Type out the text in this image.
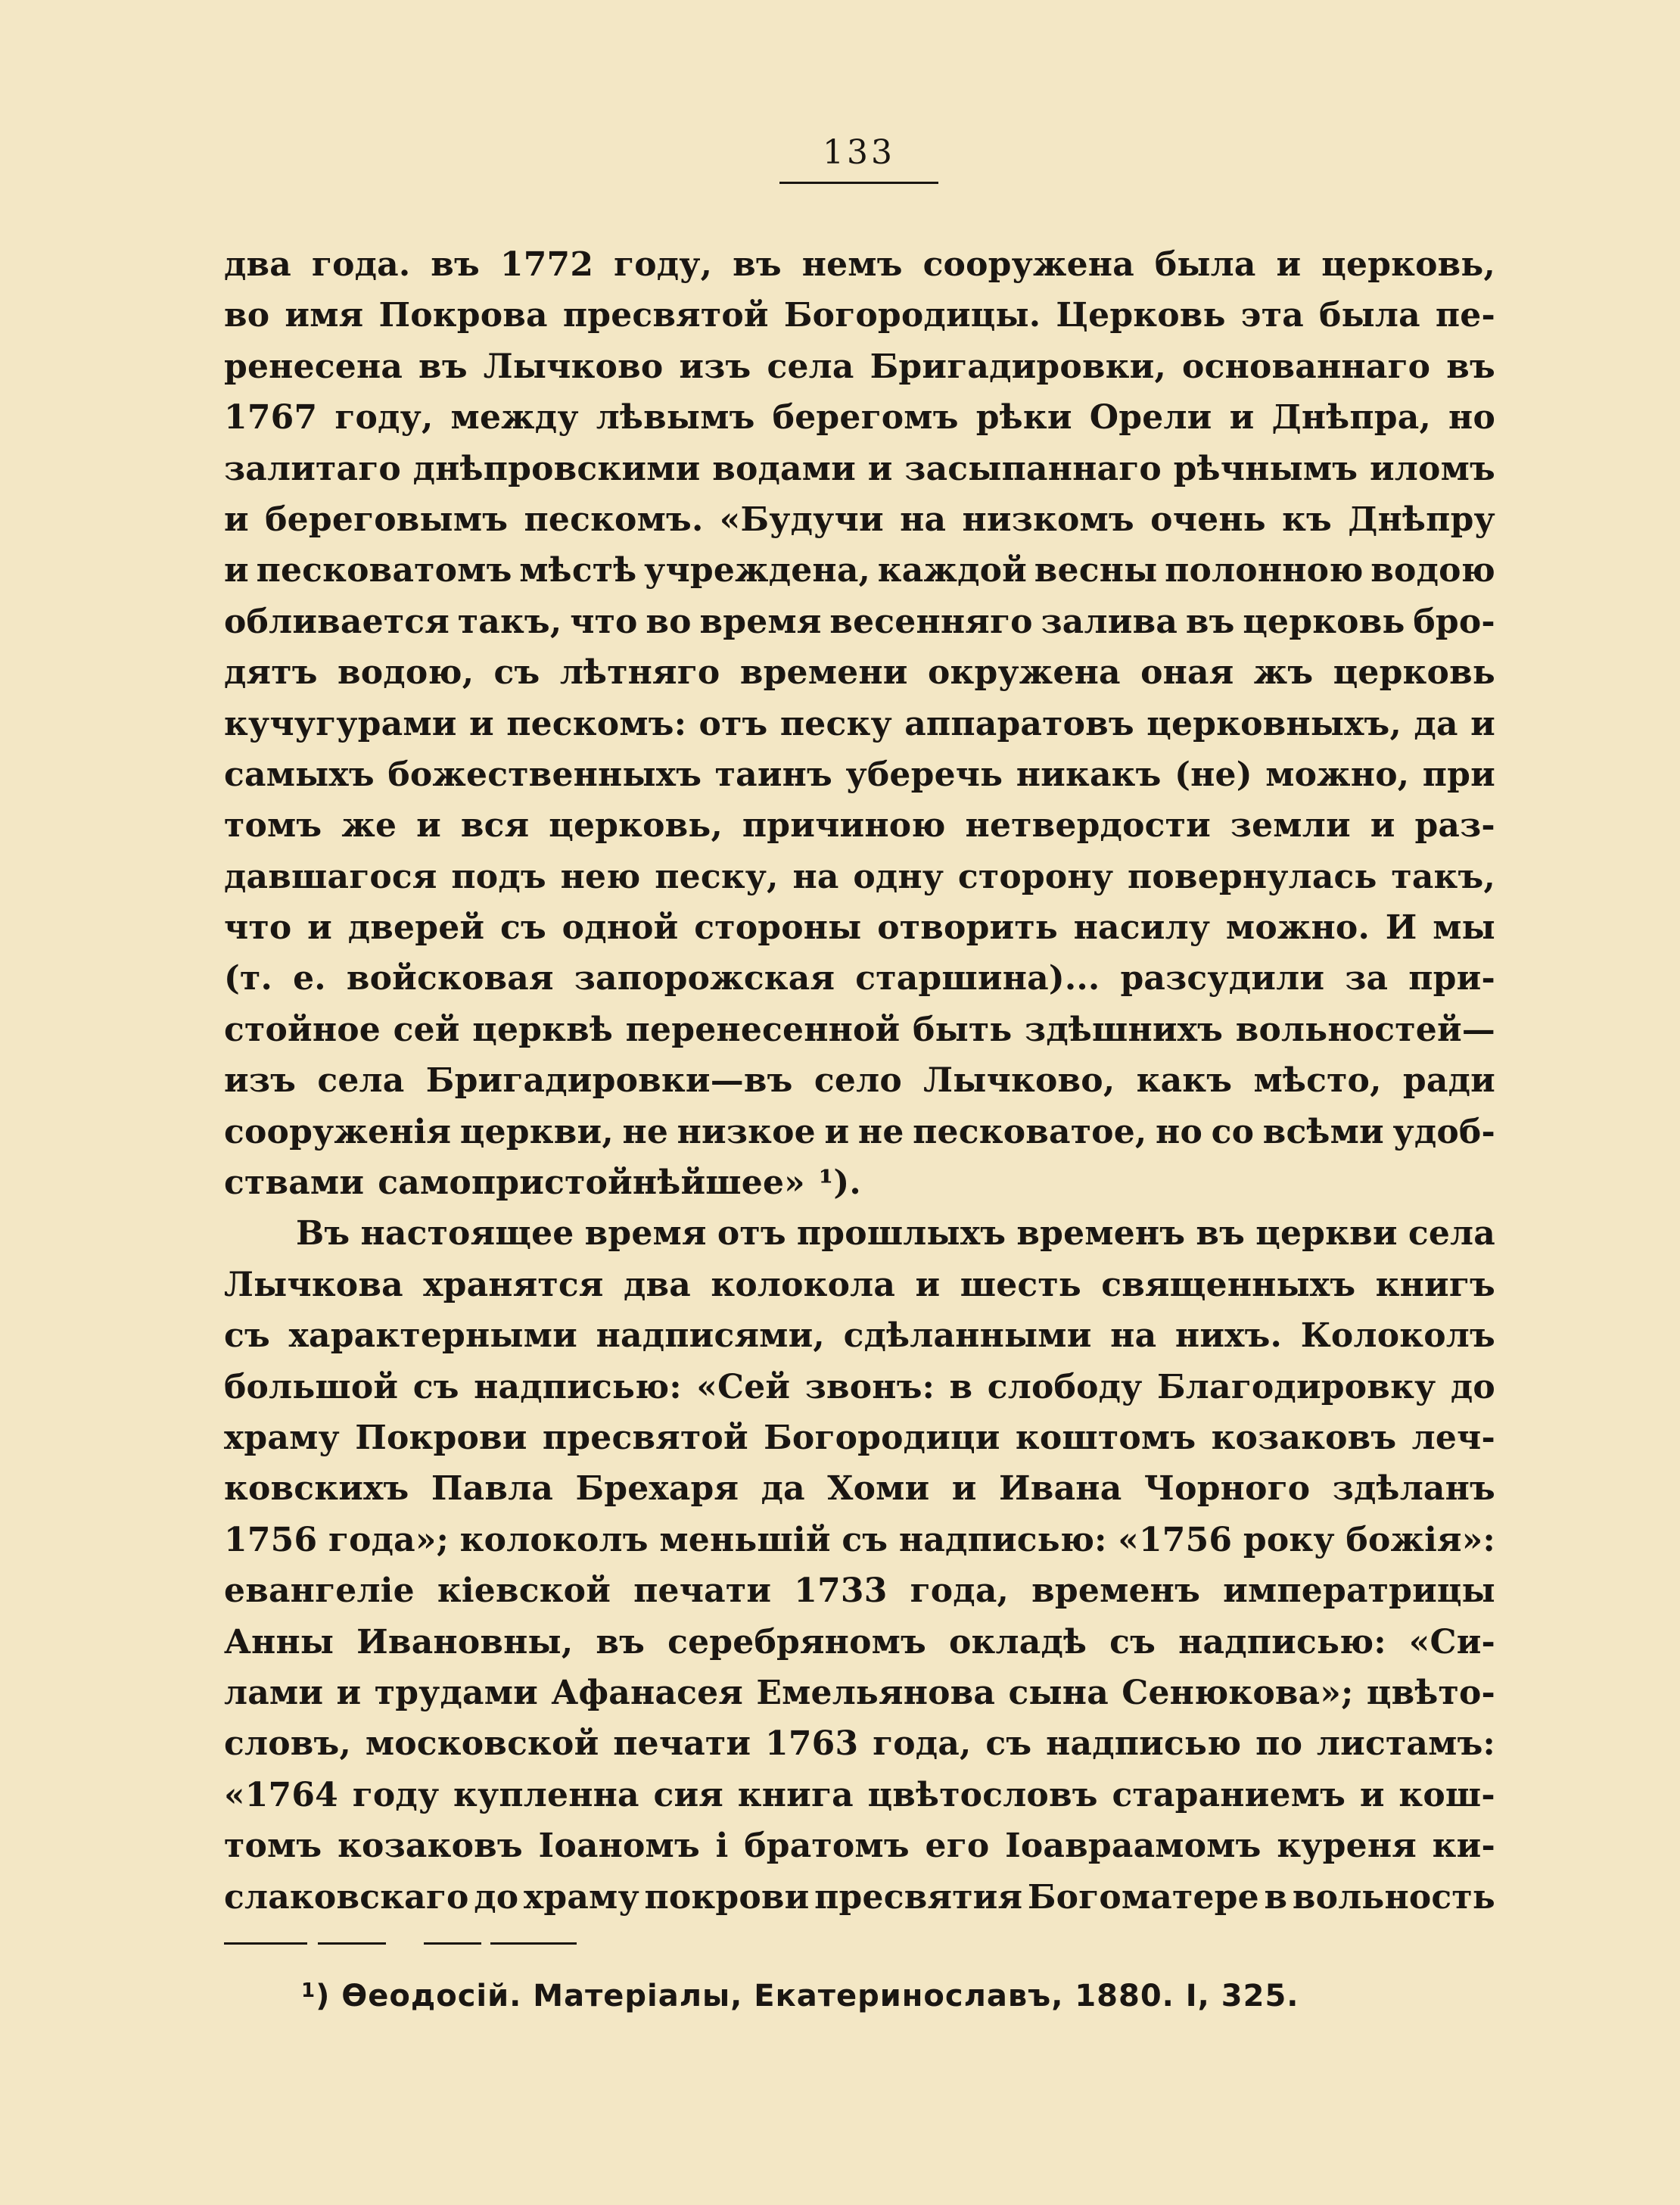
133
два года. въ 1772 году, въ немъ сооружена была и церковь,
во имя Покрова пресвятой Богородицы. Церковь эта была пе-
ренесена въ Лычково изъ села Бригадировки, основаннаго въ
1767 году, между лѣвымъ берегомъ рѣки Орели и Днѣпра, но
залитаго днѣпровскими водами и засыпаннаго рѣчнымъ иломъ
и береговымъ пескомъ. «Будучи на низкомъ очень къ Днѣпру
и песковатомъ мѣстѣ учреждена, каждой весны полонною водою
обливается такъ, что во время весенняго залива въ церковь бро-
дятъ водою, съ лѣтняго времени окружена оная жъ церковь
кучугурами и пескомъ: отъ песку аппаратовъ церковныхъ, да и
самыхъ божественныхъ таинъ уберечь никакъ (не) можно, при
томъ же и вся церковь, причиною нетвердости земли и раз-
давшагося подъ нею песку, на одну сторону повернулась такъ,
что и дверей съ одной стороны отворить насилу можно. И мы
(т. е. войсковая запорожская старшина)... разсудили за при-
стойное сей церквѣ перенесенной быть здѣшнихъ вольностей—
изъ села Бригадировки—въ село Лычково, какъ мѣсто, ради
сооруженія церкви, не низкое и не песковатое, но со всѣми удоб-
ствами самопристойнѣйшее» ¹).
Въ настоящее время отъ прошлыхъ временъ въ церкви села
Лычкова хранятся два колокола и шесть священныхъ книгъ
съ характерными надписями, сдѣланными на нихъ. Колоколъ
большой съ надписью: «Сей звонъ: в слободу Благодировку до
храму Покрови пресвятой Богородици коштомъ козаковъ леч-
ковскихъ Павла Брехаря да Хоми и Ивана Чорного здѣланъ
1756 года»; колоколъ меньшій съ надписью: «1756 року божія»:
евангеліе кіевской печати 1733 года, временъ императрицы
Анны Ивановны, въ серебряномъ окладѣ съ надписью: «Си-
лами и трудами Афанасея Емельянова сына Сенюкова»; цвѣто-
словъ, московской печати 1763 года, съ надписью по листамъ:
«1764 году купленна сия книга цвѣтословъ стараниемъ и кош-
томъ козаковъ Іоаномъ і братомъ его Іоавраамомъ куреня ки-
слаковскаго до храму покрови пресвятия Богоматере в вольность
$^1$) Өеодосій. Матеріалы, Екатеринославъ, 1880. I, 325.
